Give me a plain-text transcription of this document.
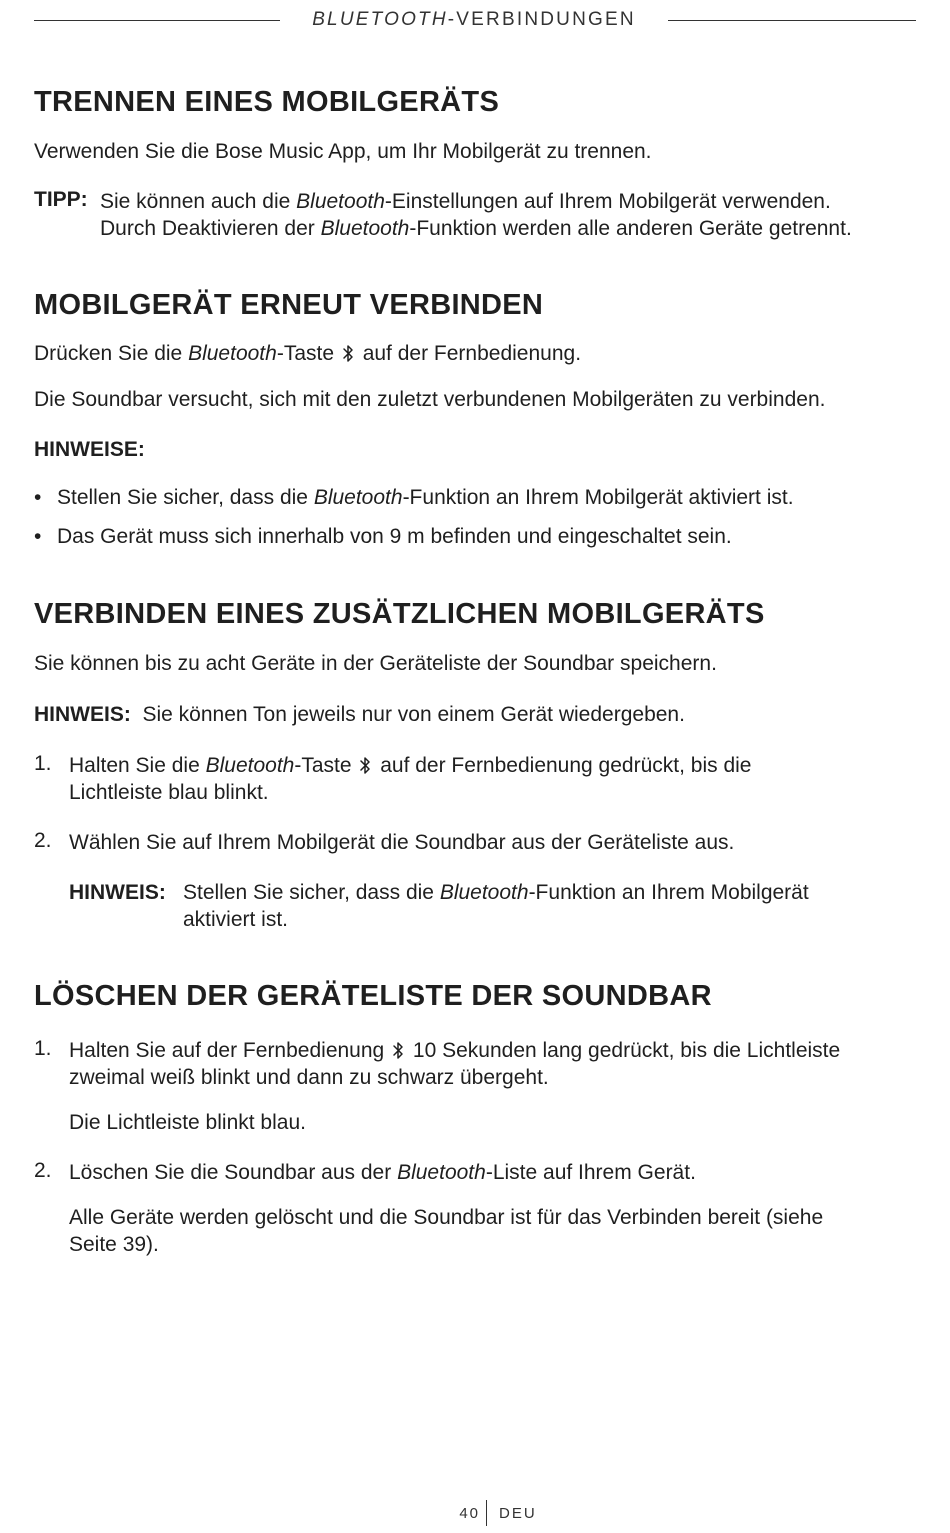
BLUETOOTH-VERBINDUNGEN
TRENNEN EINES MOBILGERÄTS
Verwenden Sie die Bose Music App, um Ihr Mobilgerät zu trennen.
TIPP: Sie können auch die Bluetooth-Einstellungen auf Ihrem Mobilgerät verwenden.
Durch Deaktivieren der Bluetooth-Funktion werden alle anderen Geräte getrennt.
MOBILGERÄT ERNEUT VERBINDEN
Drücken Sie die Bluetooth-Taste auf der Fernbedienung.
Die Soundbar versucht, sich mit den zuletzt verbundenen Mobilgeräten zu verbinden.
HINWEISE:
• Stellen Sie sicher, dass die Bluetooth-Funktion an Ihrem Mobilgerät aktiviert ist.
• Das Gerät muss sich innerhalb von 9 m befinden und eingeschaltet sein.
VERBINDEN EINES ZUSÄTZLICHEN MOBILGERÄTS
Sie können bis zu acht Geräte in der Geräteliste der Soundbar speichern.
HINWEIS: Sie können Ton jeweils nur von einem Gerät wiedergeben.
1. Halten Sie die Bluetooth-Taste auf der Fernbedienung gedrückt, bis die
Lichtleiste blau blinkt.
2. Wählen Sie auf Ihrem Mobilgerät die Soundbar aus der Geräteliste aus.
HINWEIS: Stellen Sie sicher, dass die Bluetooth-Funktion an Ihrem Mobilgerät
aktiviert ist.
LÖSCHEN DER GERÄTELISTE DER SOUNDBAR
1. Halten Sie auf der Fernbedienung 10 Sekunden lang gedrückt, bis die Lichtleiste
zweimal weiß blinkt und dann zu schwarz übergeht.
Die Lichtleiste blinkt blau.
2. Löschen Sie die Soundbar aus der Bluetooth-Liste auf Ihrem Gerät.
Alle Geräte werden gelöscht und die Soundbar ist für das Verbinden bereit (siehe
Seite 39).
40 DEU
